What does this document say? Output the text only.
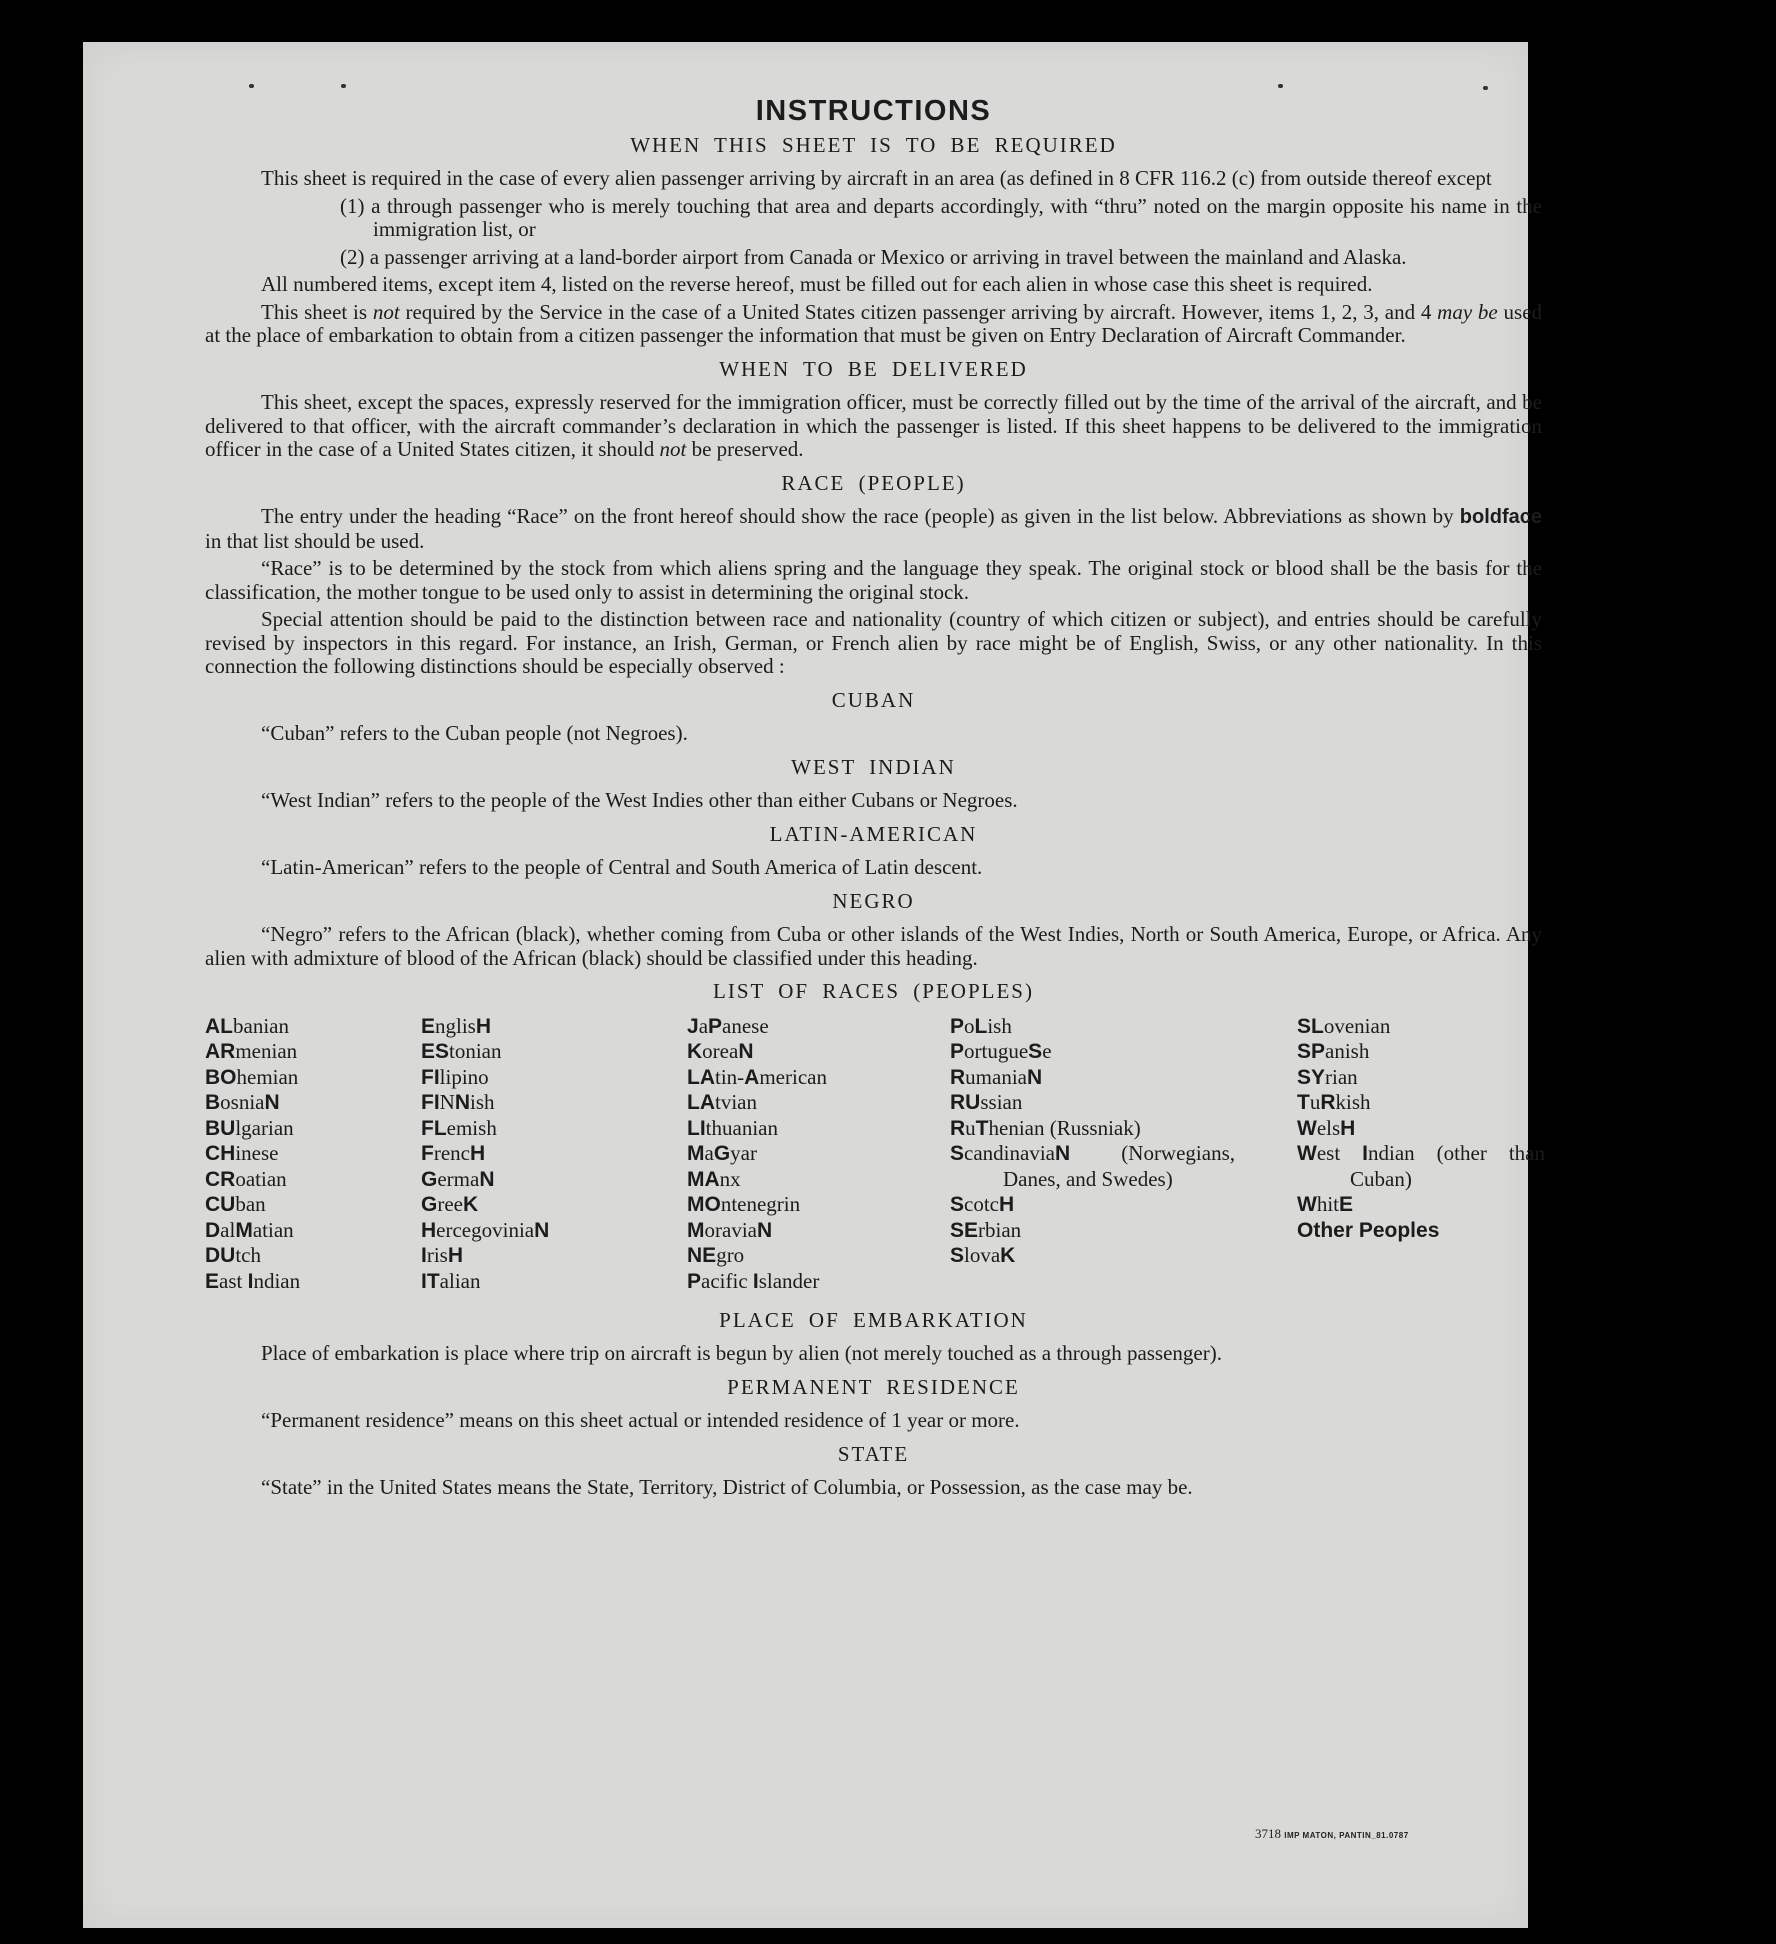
INSTRUCTIONS
WHEN THIS SHEET IS TO BE REQUIRED

This sheet is required in the case of every alien passenger arriving by aircraft in an area (as defined in 8 CFR 116.2 (c) from outside thereof except

(1) a through passenger who is merely touching that area and departs accordingly, with “thru” noted on the margin opposite his name in the immigration list, or

(2) a passenger arriving at a land-border airport from Canada or Mexico or arriving in travel between the mainland and Alaska.

All numbered items, except item 4, listed on the reverse hereof, must be filled out for each alien in whose case this sheet is required.

This sheet is not required by the Service in the case of a United States citizen passenger arriving by aircraft. However, items 1, 2, 3, and 4 may be used at the place of embarkation to obtain from a citizen passenger the information that must be given on Entry Declaration of Aircraft Commander.

WHEN TO BE DELIVERED

This sheet, except the spaces, expressly reserved for the immigration officer, must be correctly filled out by the time of the arrival of the aircraft, and be delivered to that officer, with the aircraft commander’s declaration in which the passenger is listed. If this sheet happens to be delivered to the immigration officer in the case of a United States citizen, it should not be preserved.

RACE (PEOPLE)

The entry under the heading “Race” on the front hereof should show the race (people) as given in the list below. Abbreviations as shown by boldface in that list should be used.

“Race” is to be determined by the stock from which aliens spring and the language they speak. The original stock or blood shall be the basis for the classification, the mother tongue to be used only to assist in determining the original stock.

Special attention should be paid to the distinction between race and nationality (country of which citizen or subject), and entries should be carefully revised by inspectors in this regard. For instance, an Irish, German, or French alien by race might be of English, Swiss, or any other nationality. In this connection the following distinctions should be especially observed :

CUBAN

“Cuban” refers to the Cuban people (not Negroes).

WEST INDIAN

“West Indian” refers to the people of the West Indies other than either Cubans or Negroes.

LATIN-AMERICAN

“Latin-American” refers to the people of Central and South America of Latin descent.

NEGRO

“Negro” refers to the African (black), whether coming from Cuba or other islands of the West Indies, North or South America, Europe, or Africa. Any alien with admixture of blood of the African (black) should be classified under this heading.

LIST OF RACES (PEOPLES)
ALbanian
ARmenian
BOhemian
BosniaN
BUlgarian
CHinese
CRoatian
CUban
DalMatian
DUtch
East Indian
EnglisH
EStonian
FIlipino
FINNish
FLemish
FrencH
GermaN
GreeK
HercegoviniaN
IrisH
ITalian
JaPanese
KoreaN
LAtin-American
LAtvian
LIthuanian
MaGyar
MAnx
MOntenegrin
MoraviaN
NEgro
Pacific Islander
PoLish
PortugueSe
RumaniaN
RUssian
RuThenian (Russniak)
ScandinaviaN (Norwegians, Danes, and Swedes)
ScotcH
SErbian
SlovaK
SLovenian
SPanish
SYrian
TuRkish
WelsH
West Indian (other than Cuban)
WhitE
Other Peoples
PLACE OF EMBARKATION

Place of embarkation is place where trip on aircraft is begun by alien (not merely touched as a through passenger).

PERMANENT RESIDENCE

“Permanent residence” means on this sheet actual or intended residence of 1 year or more.

STATE

“State” in the United States means the State, Territory, District of Columbia, or Possession, as the case may be.

3718 IMP MATON, PANTIN_81.0787
